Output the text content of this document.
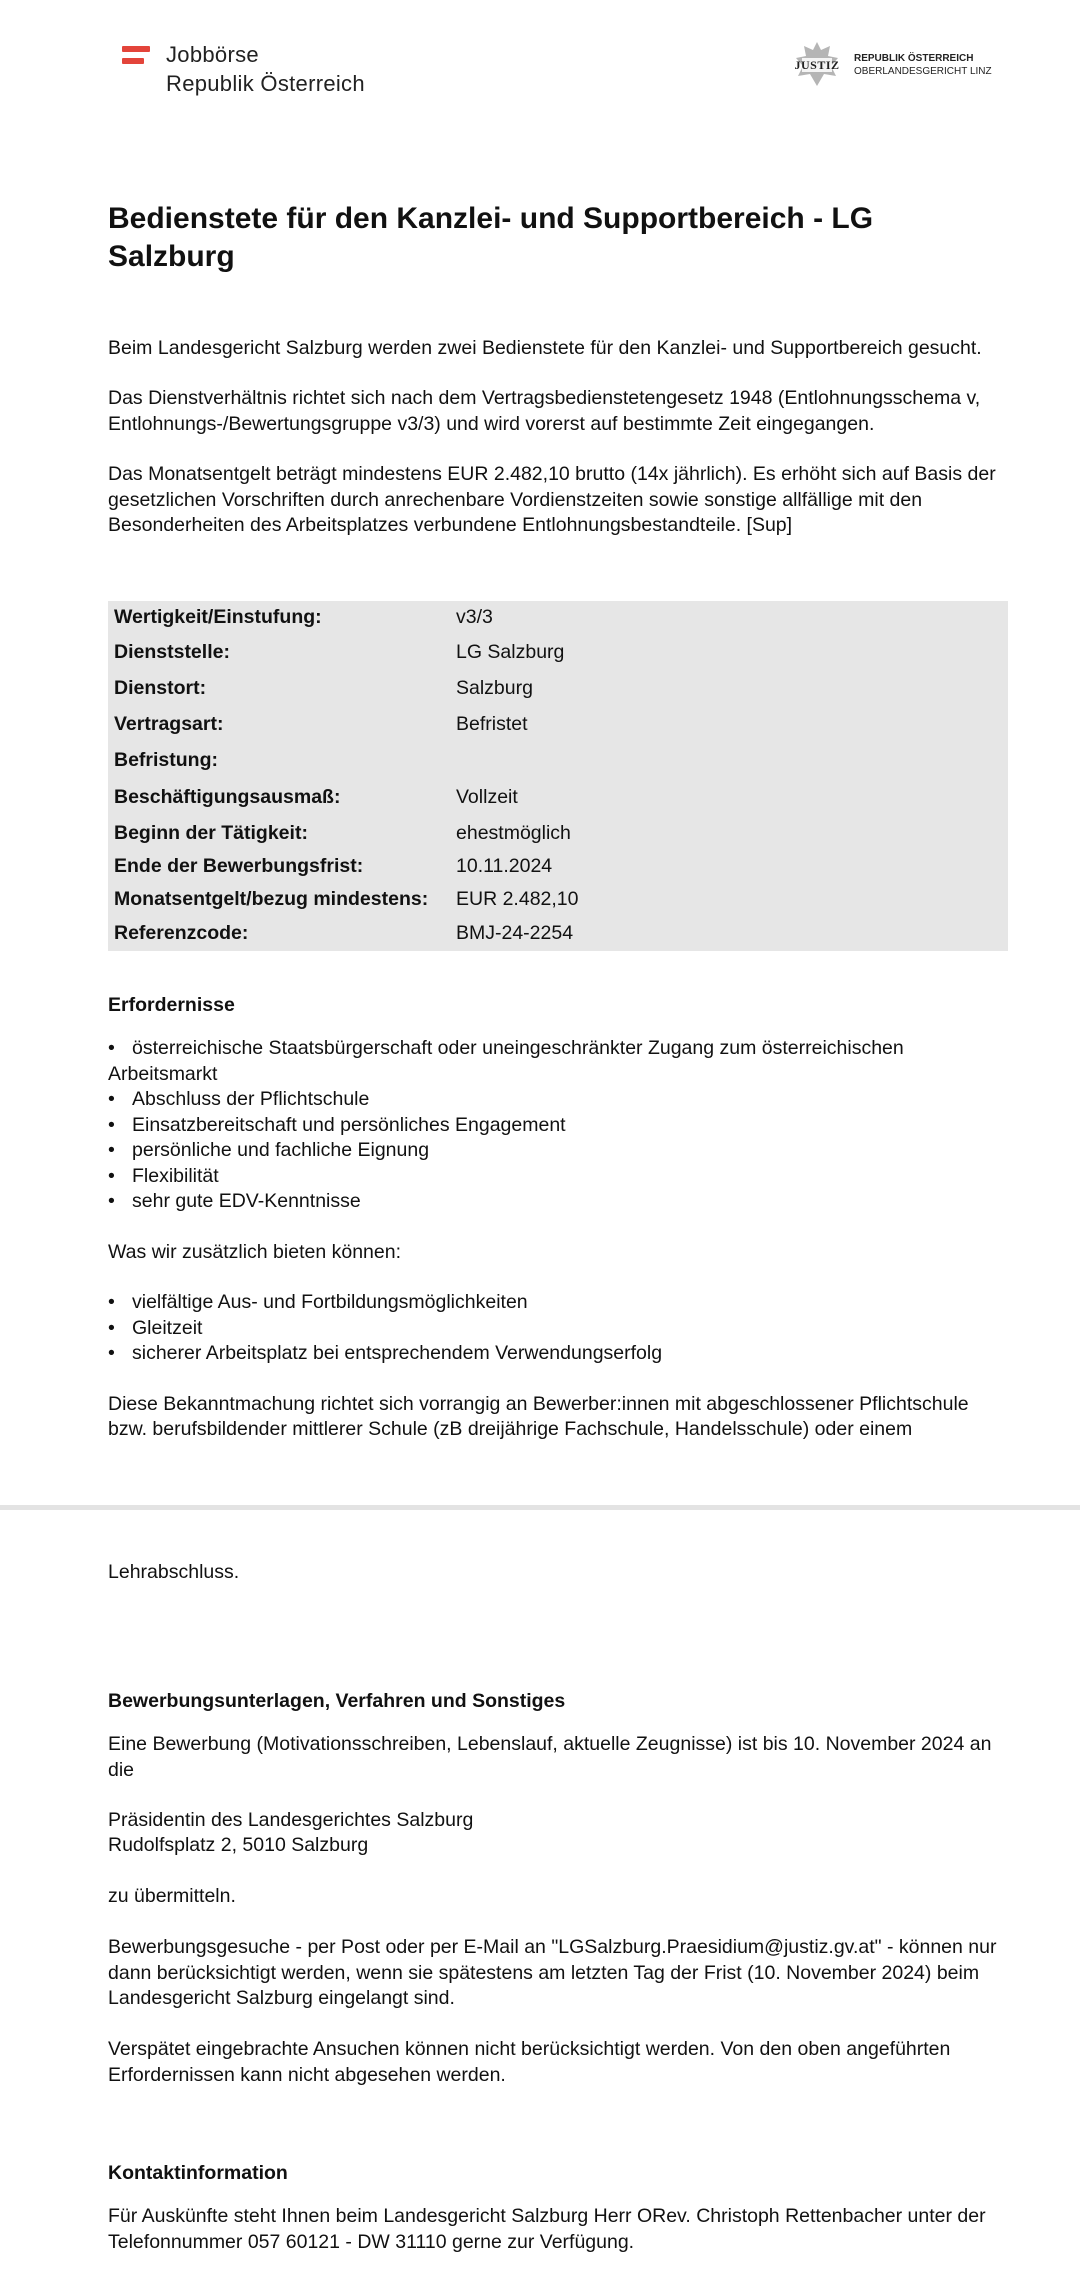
Jobbörse
Republik Österreich
JUSTIZ REPUBLIK ÖSTERREICH
OBERLANDESGERICHT LINZ
Bedienstete für den Kanzlei- und Supportbereich - LG Salzburg

Beim Landesgericht Salzburg werden zwei Bedienstete für den Kanzlei- und Supportbereich gesucht.

Das Dienstverhältnis richtet sich nach dem Vertragsbedienstetengesetz 1948 (Entlohnungsschema v, Entlohnungs-/Bewertungsgruppe v3/3) und wird vorerst auf bestimmte Zeit eingegangen.

Das Monatsentgelt beträgt mindestens EUR 2.482,10 brutto (14x jährlich). Es erhöht sich auf Basis der gesetzlichen Vorschriften durch anrechenbare Vordienstzeiten sowie sonstige allfällige mit den Besonderheiten des Arbeitsplatzes verbundene Entlohnungsbestandteile. [Sup]

Wertigkeit/Einstufung:	v3/3
Dienststelle:	LG Salzburg
Dienstort:	Salzburg
Vertragsart:	Befristet
Befristung:
Beschäftigungsausmaß:	Vollzeit
Beginn der Tätigkeit:	ehestmöglich
Ende der Bewerbungsfrist:	10.11.2024
Monatsentgelt/bezug mindestens: EUR 2.482,10
Referenzcode:	BMJ-24-2254
Erfordernisse
• österreichische Staatsbürgerschaft oder uneingeschränkter Zugang zum österreichischen
Arbeitsmarkt
• Abschluss der Pflichtschule
• Einsatzbereitschaft und persönliches Engagement
• persönliche und fachliche Eignung
• Flexibilität
• sehr gute EDV-Kenntnisse

Was wir zusätzlich bieten können:

• vielfältige Aus- und Fortbildungsmöglichkeiten
• Gleitzeit
• sicherer Arbeitsplatz bei entsprechendem Verwendungserfolg

Diese Bekanntmachung richtet sich vorrangig an Bewerber:innen mit abgeschlossener Pflichtschule

bzw. berufsbildender mittlerer Schule (zB dreijährige Fachschule, Handelsschule) oder einem

Lehrabschluss.

Bewerbungsunterlagen, Verfahren und Sonstiges

Eine Bewerbung (Motivationsschreiben, Lebenslauf, aktuelle Zeugnisse) ist bis 10. November 2024 an die

Präsidentin des Landesgerichtes Salzburg

Rudolfsplatz 2, 5010 Salzburg

zu übermitteln.

Bewerbungsgesuche - per Post oder per E-Mail an "LGSalzburg.Praesidium@justiz.gv.at" - können nur dann berücksichtigt werden, wenn sie spätestens am letzten Tag der Frist (10. November 2024) beim Landesgericht Salzburg eingelangt sind.

Verspätet eingebrachte Ansuchen können nicht berücksichtigt werden. Von den oben angeführten Erfordernissen kann nicht abgesehen werden.

Kontaktinformation

Für Auskünfte steht Ihnen beim Landesgericht Salzburg Herr ORev. Christoph Rettenbacher unter der Telefonnummer 057 60121 - DW 31110 gerne zur Verfügung.
